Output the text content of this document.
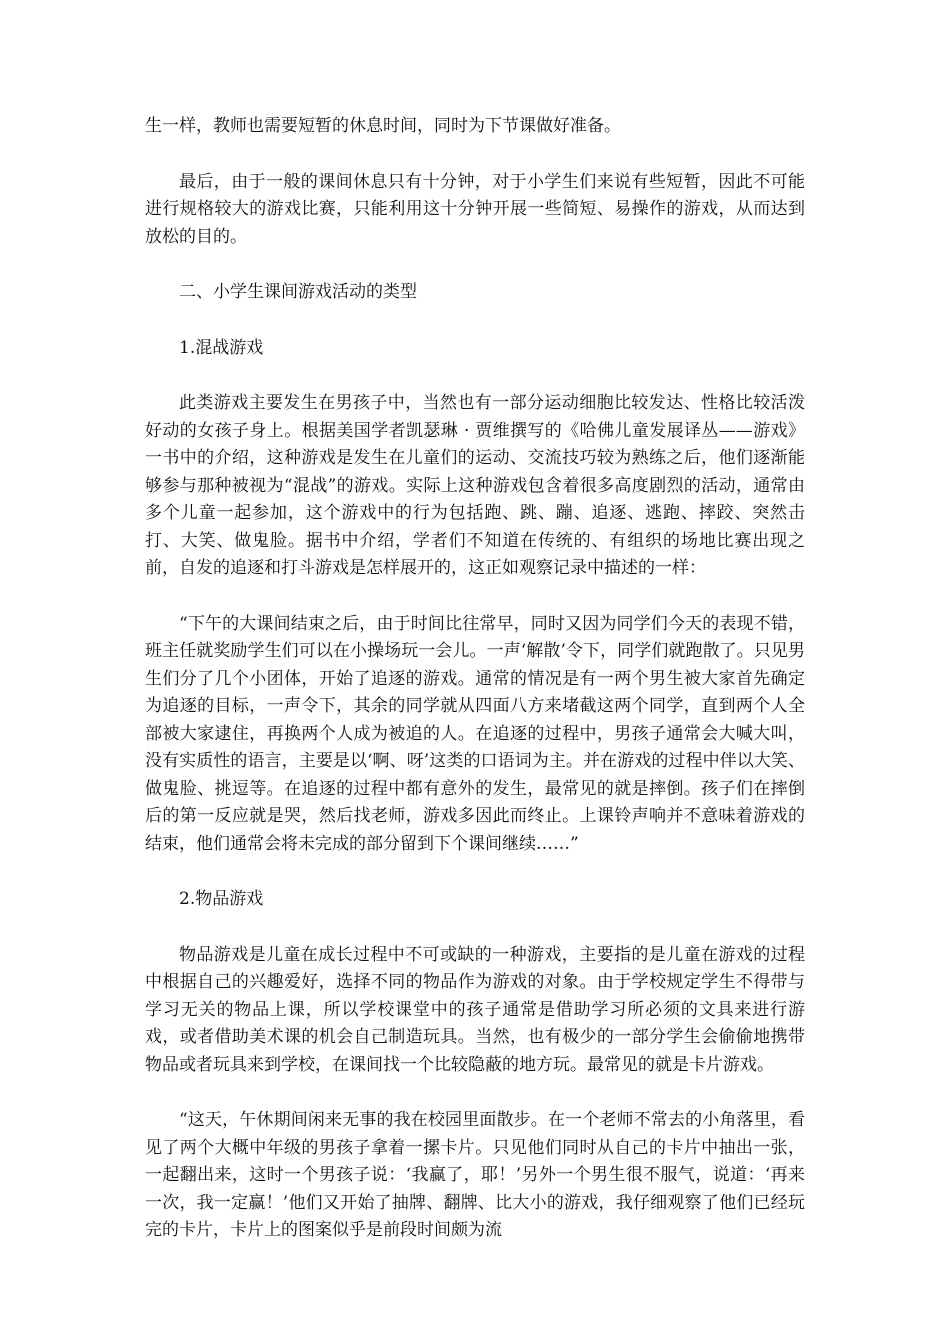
生一样，教师也需要短暂的休息时间，同时为下节课做好准备。

最后，由于一般的课间休息只有十分钟，对于小学生们来说有些短暂，因此不可能进行规格较大的游戏比赛，只能利用这十分钟开展一些简短、易操作的游戏，从而达到放松的目的。

二、小学生课间游戏活动的类型

1.混战游戏

此类游戏主要发生在男孩子中，当然也有一部分运动细胞比较发达、性格比较活泼好动的女孩子身上。根据美国学者凯瑟琳 · 贾维撰写的《哈佛儿童发展译丛——游戏》一书中的介绍，这种游戏是发生在儿童们的运动、交流技巧较为熟练之后，他们逐渐能够参与那种被视为“混战”的游戏。实际上这种游戏包含着很多高度剧烈的活动，通常由多个儿童一起参加，这个游戏中的行为包括跑、跳、蹦、追逐、逃跑、摔跤、突然击打、大笑、做鬼脸。据书中介绍，学者们不知道在传统的、有组织的场地比赛出现之前，自发的追逐和打斗游戏是怎样展开的，这正如观察记录中描述的一样：

“下午的大课间结束之后，由于时间比往常早，同时又因为同学们今天的表现不错，班主任就奖励学生们可以在小操场玩一会儿。一声‘解散’令下，同学们就跑散了。只见男生们分了几个小团体，开始了追逐的游戏。通常的情况是有一两个男生被大家首先确定为追逐的目标，一声令下，其余的同学就从四面八方来堵截这两个同学，直到两个人全部被大家逮住，再换两个人成为被追的人。在追逐的过程中，男孩子通常会大喊大叫，没有实质性的语言，主要是以‘啊、呀’这类的口语词为主。并在游戏的过程中伴以大笑、做鬼脸、挑逗等。在追逐的过程中都有意外的发生，最常见的就是摔倒。孩子们在摔倒后的第一反应就是哭，然后找老师，游戏多因此而终止。上课铃声响并不意味着游戏的结束，他们通常会将未完成的部分留到下个课间继续……”

2.物品游戏

物品游戏是儿童在成长过程中不可或缺的一种游戏，主要指的是儿童在游戏的过程中根据自己的兴趣爱好，选择不同的物品作为游戏的对象。由于学校规定学生不得带与学习无关的物品上课，所以学校课堂中的孩子通常是借助学习所必须的文具来进行游戏，或者借助美术课的机会自己制造玩具。当然，也有极少的一部分学生会偷偷地携带物品或者玩具来到学校，在课间找一个比较隐蔽的地方玩。最常见的就是卡片游戏。

“这天，午休期间闲来无事的我在校园里面散步。在一个老师不常去的小角落里，看见了两个大概中年级的男孩子拿着一摞卡片。只见他们同时从自己的卡片中抽出一张，一起翻出来，这时一个男孩子说：‘我赢了，耶！’另外一个男生很不服气，说道：‘再来一次，我一定赢！’他们又开始了抽牌、翻牌、比大小的游戏，我仔细观察了他们已经玩完的卡片，卡片上的图案似乎是前段时间颇为流
